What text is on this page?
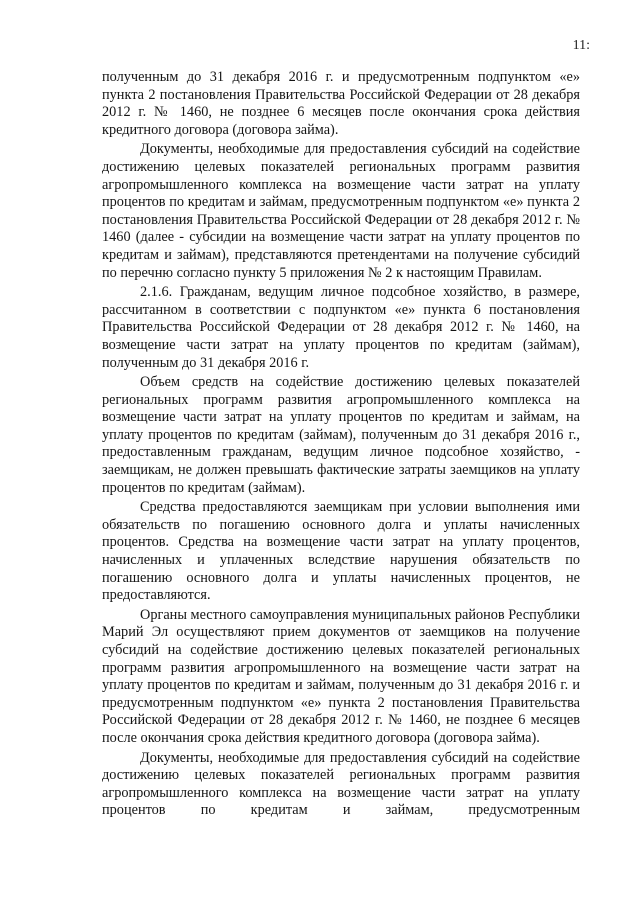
11:

полученным до 31 декабря 2016 г. и предусмотренным подпунктом «е» пункта 2 постановления Правительства Российской Федерации от 28 декабря 2012 г. № 1460, не позднее 6 месяцев после окончания срока действия кредитного договора (договора займа).

Документы, необходимые для предоставления субсидий на содействие достижению целевых показателей региональных программ развития агропромышленного комплекса на возмещение части затрат на уплату процентов по кредитам и займам, предусмотренным подпунктом «е» пункта 2 постановления Правительства Российской Федерации от 28 декабря 2012 г. № 1460 (далее - субсидии на возмещение части затрат на уплату процентов по кредитам и займам), представляются претендентами на получение субсидий по перечню согласно пункту 5 приложения № 2 к настоящим Правилам.

2.1.6. Гражданам, ведущим личное подсобное хозяйство, в размере, рассчитанном в соответствии с подпунктом «е» пункта 6 постановления Правительства Российской Федерации от 28 декабря 2012 г. № 1460, на возмещение части затрат на уплату процентов по кредитам (займам), полученным до 31 декабря 2016 г.

Объем средств на содействие достижению целевых показателей региональных программ развития агропромышленного комплекса на возмещение части затрат на уплату процентов по кредитам и займам, на уплату процентов по кредитам (займам), полученным до 31 декабря 2016 г., предоставленным гражданам, ведущим личное подсобное хозяйство, - заемщикам, не должен превышать фактические затраты заемщиков на уплату процентов по кредитам (займам).

Средства предоставляются заемщикам при условии выполнения ими обязательств по погашению основного долга и уплаты начисленных процентов. Средства на возмещение части затрат на уплату процентов, начисленных и уплаченных вследствие нарушения обязательств по погашению основного долга и уплаты начисленных процентов, не предоставляются.

Органы местного самоуправления муниципальных районов Республики Марий Эл осуществляют прием документов от заемщиков на получение субсидий на содействие достижению целевых показателей региональных программ развития агропромышленного на возмещение части затрат на уплату процентов по кредитам и займам, полученным до 31 декабря 2016 г. и предусмотренным подпунктом «е» пункта 2 постановления Правительства Российской Федерации от 28 декабря 2012 г. № 1460, не позднее 6 месяцев после окончания срока действия кредитного договора (договора займа).

Документы, необходимые для предоставления субсидий на содействие достижению целевых показателей региональных программ развития агропромышленного комплекса на возмещение части затрат на уплату процентов по кредитам и займам, предусмотренным
